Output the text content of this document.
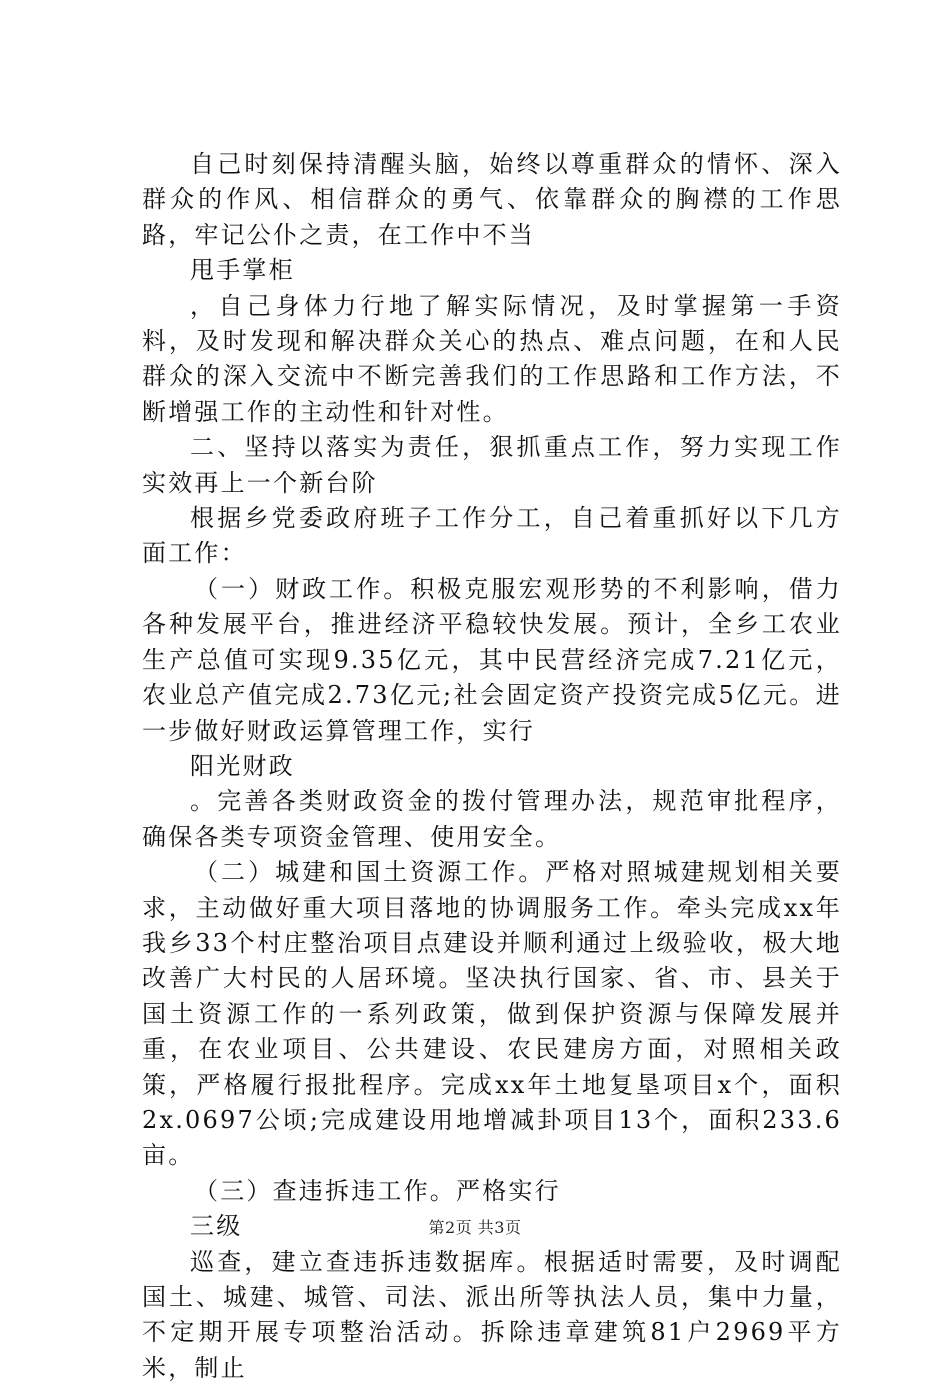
自己时刻保持清醒头脑，始终以尊重群众的情怀、深入群众的作风、相信群众的勇气、依靠群众的胸襟的工作思路，牢记公仆之责，在工作中不当

甩手掌柜

，自己身体力行地了解实际情况，及时掌握第一手资料，及时发现和解决群众关心的热点、难点问题，在和人民群众的深入交流中不断完善我们的工作思路和工作方法，不断增强工作的主动性和针对性。

二、坚持以落实为责任，狠抓重点工作，努力实现工作实效再上一个新台阶

根据乡党委政府班子工作分工，自己着重抓好以下几方面工作：

（一）财政工作。积极克服宏观形势的不利影响，借力各种发展平台，推进经济平稳较快发展。预计，全乡工农业生产总值可实现9.35亿元，其中民营经济完成7.21亿元，农业总产值完成2.73亿元;社会固定资产投资完成5亿元。进一步做好财政运算管理工作，实行

阳光财政

。完善各类财政资金的拨付管理办法，规范审批程序，确保各类专项资金管理、使用安全。

（二）城建和国土资源工作。严格对照城建规划相关要求，主动做好重大项目落地的协调服务工作。牵头完成xx年我乡33个村庄整治项目点建设并顺利通过上级验收，极大地改善广大村民的人居环境。坚决执行国家、省、市、县关于国土资源工作的一系列政策，做到保护资源与保障发展并重，在农业项目、公共建设、农民建房方面，对照相关政策，严格履行报批程序。完成xx年土地复垦项目x个，面积2x.0697公顷;完成建设用地增减卦项目13个，面积233.6亩。

（三）查违拆违工作。严格实行

三级

巡查，建立查违拆违数据库。根据适时需要，及时调配国土、城建、城管、司法、派出所等执法人员，集中力量，不定期开展专项整治活动。拆除违章建筑81户2969平方米，制止

第2页 共3页
